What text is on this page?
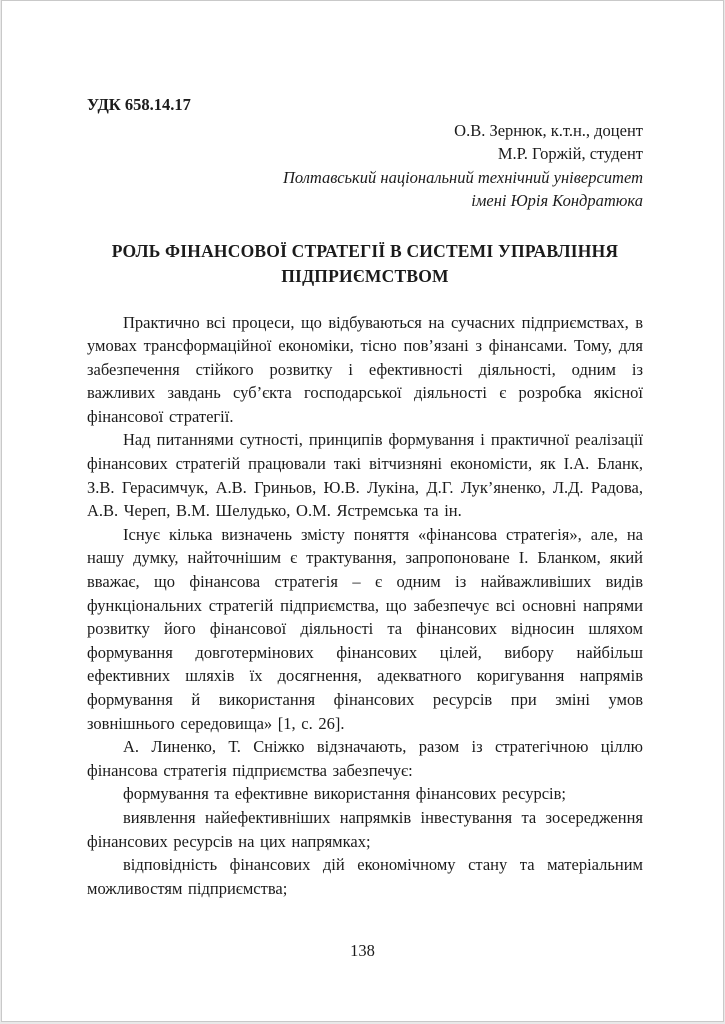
УДК 658.14.17
О.В. Зернюк, к.т.н., доцент
М.Р. Горжій, студент
Полтавський національний технічний університет
імені Юрія Кондратюка
РОЛЬ ФІНАНСОВОЇ СТРАТЕГІЇ В СИСТЕМІ УПРАВЛІННЯ ПІДПРИЄМСТВОМ

Практично всі процеси, що відбуваються на сучасних підприємствах, в умовах трансформаційної економіки, тісно пов’язані з фінансами. Тому, для забезпечення стійкого розвитку і ефективності діяльності, одним із важливих завдань суб’єкта господарської діяльності є розробка якісної фінансової стратегії.

Над питаннями сутності, принципів формування і практичної реалізації фінансових стратегій працювали такі вітчизняні економісти, як І.А. Бланк, З.В. Герасимчук, А.В. Гриньов, Ю.В. Лукіна, Д.Г. Лук’яненко, Л.Д. Радова, А.В. Череп, В.М. Шелудько, О.М. Ястремська та ін.

Існує кілька визначень змісту поняття «фінансова стратегія», але, на нашу думку, найточнішим є трактування, запропоноване І. Бланком, який вважає, що фінансова стратегія – є одним із найважливіших видів функціональних стратегій підприємства, що забезпечує всі основні напрями розвитку його фінансової діяльності та фінансових відносин шляхом формування довготермінових фінансових цілей, вибору найбільш ефективних шляхів їх досягнення, адекватного коригування напрямів формування й використання фінансових ресурсів при зміні умов зовнішнього середовища» [1, с. 26].

А. Линенко, Т. Сніжко відзначають, разом із стратегічною ціллю фінансова стратегія підприємства забезпечує:

формування та ефективне використання фінансових ресурсів;

виявлення найефективніших напрямків інвестування та зосередження фінансових ресурсів на цих напрямках;

відповідність фінансових дій економічному стану та матеріальним можливостям підприємства;

138
